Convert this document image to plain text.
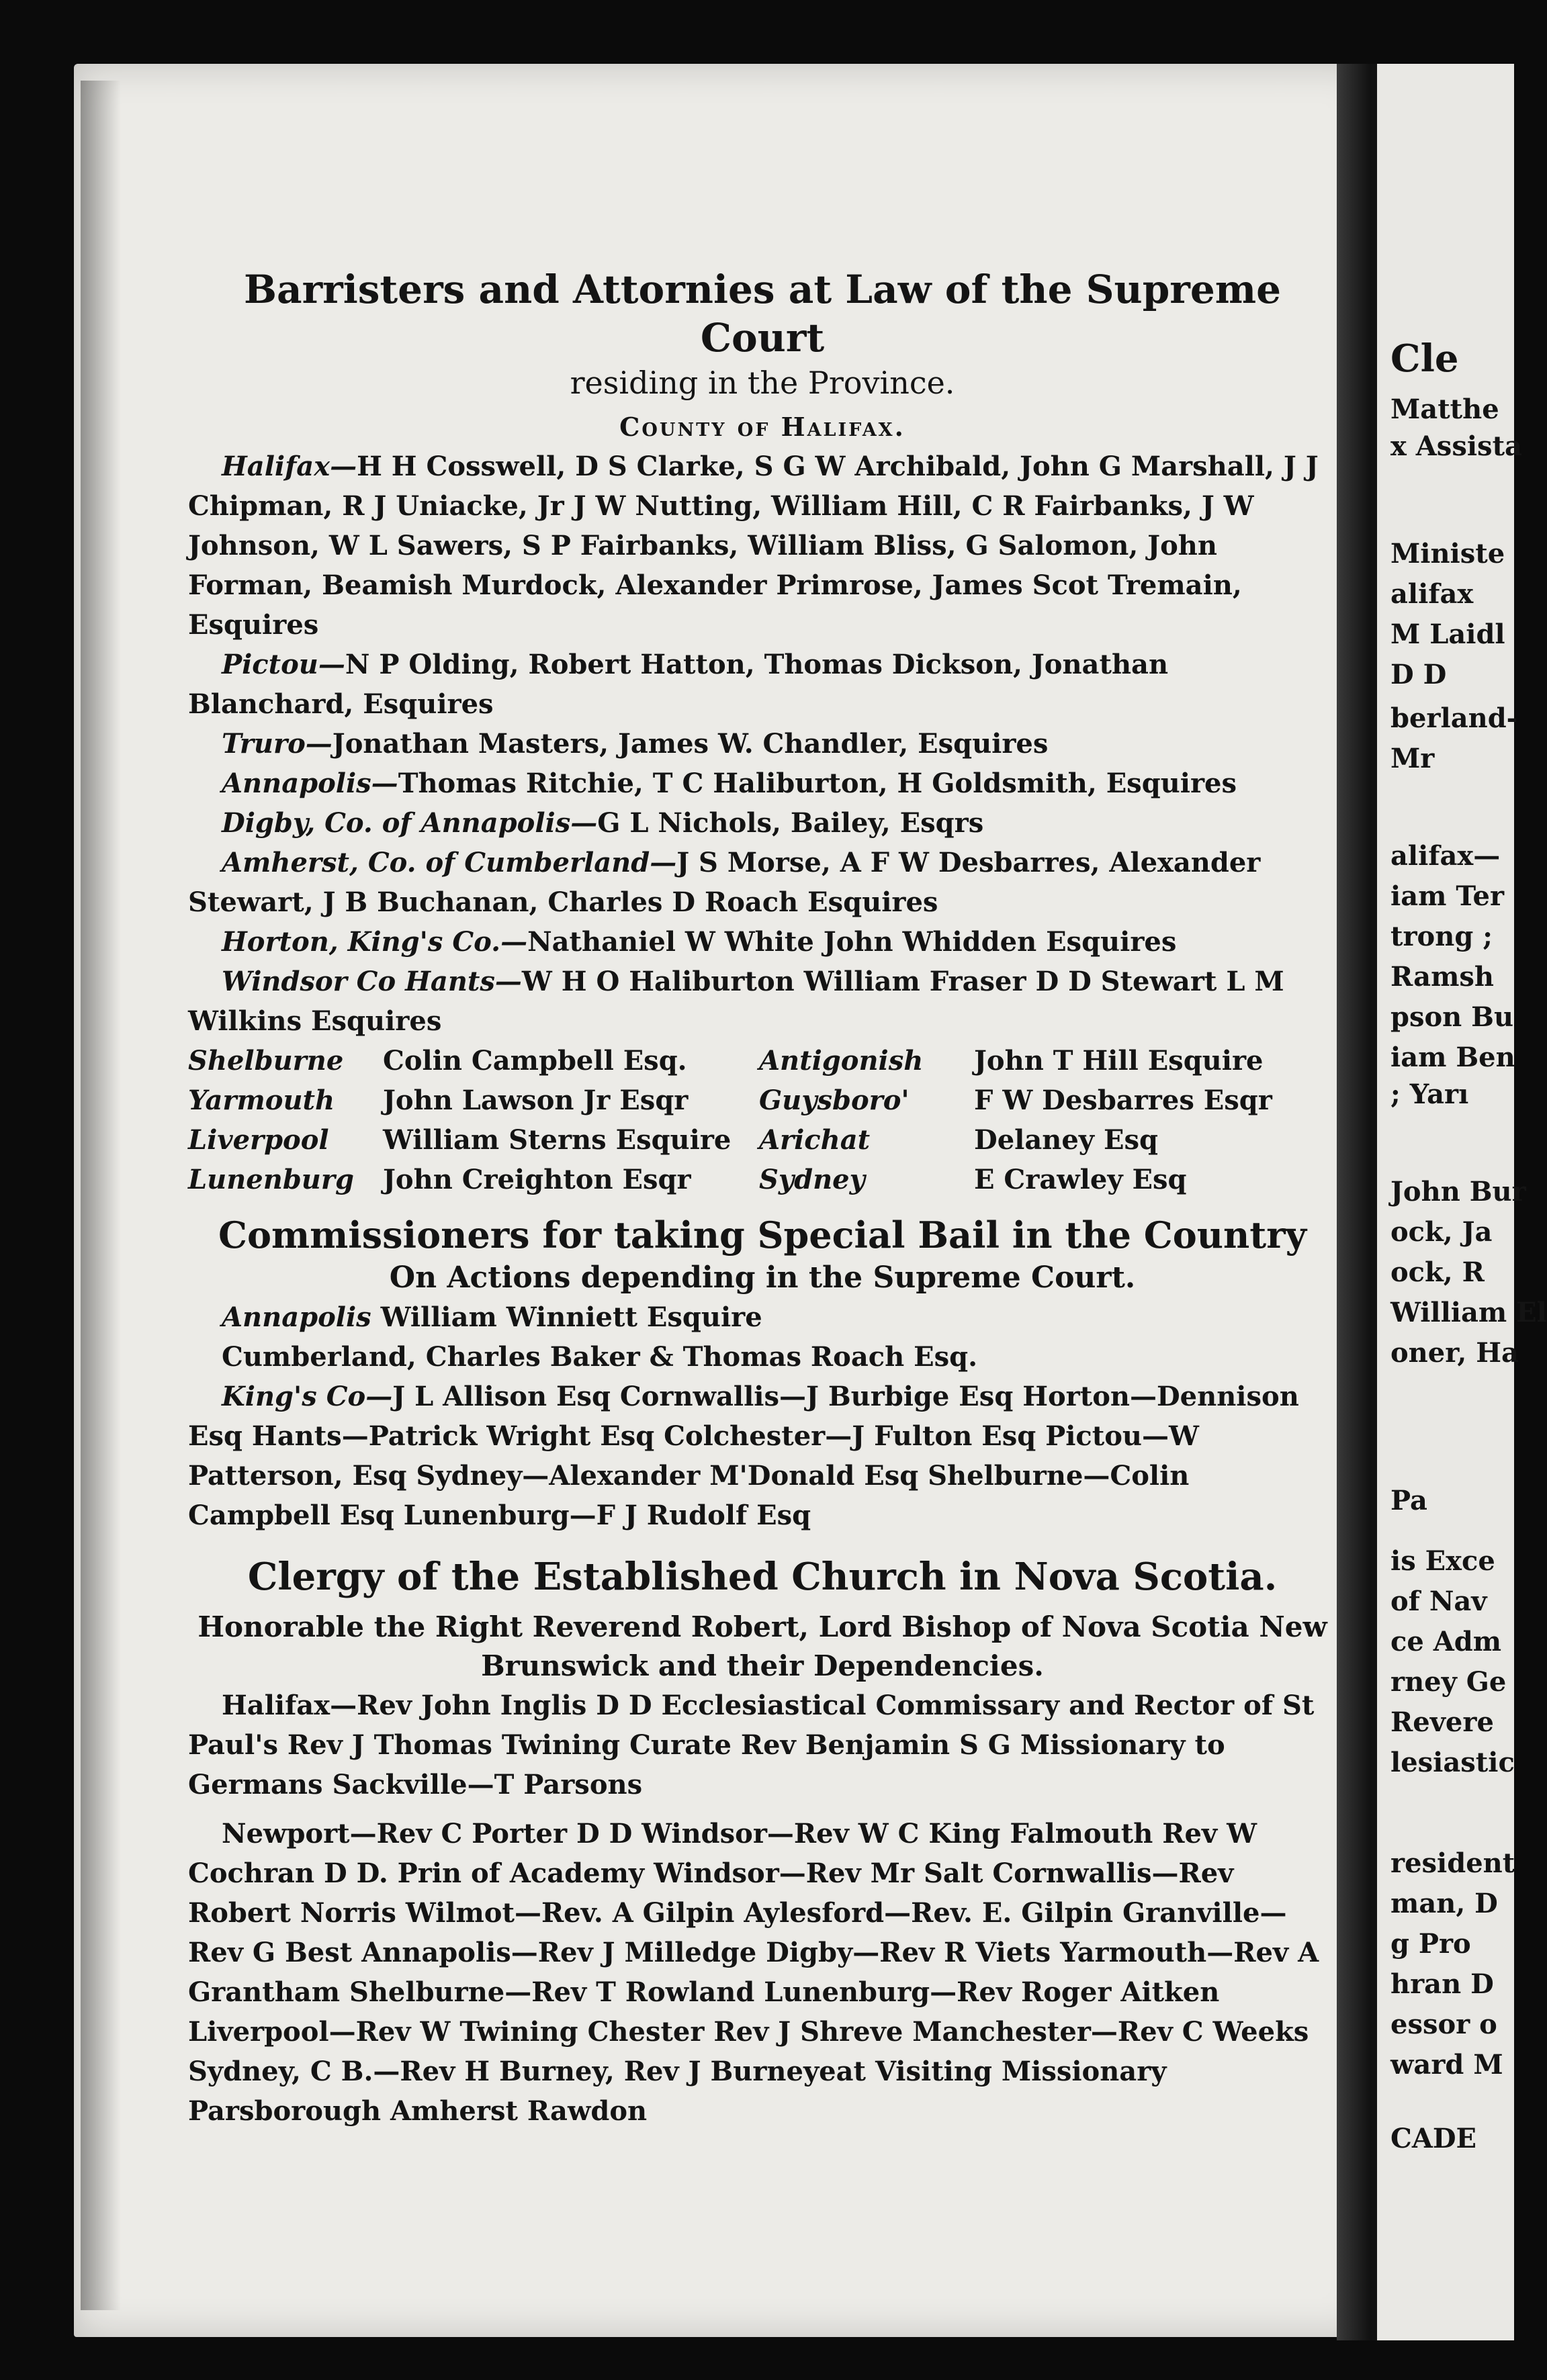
Barristers and Attornies at Law of the Supreme Court
residing in the Province.
County of Halifax.
Halifax—H H Cosswell, D S Clarke, S G W Archibald, John G Marshall, J J Chipman, R J Uniacke, Jr J W Nutting, William Hill, C R Fairbanks, J W Johnson, W L Sawers, S P Fairbanks, William Bliss, G Salomon, John Forman, Beamish Murdock, Alexander Primrose, James Scot Tremain, Esquires
Pictou—N P Olding, Robert Hatton, Thomas Dickson, Jonathan Blanchard, Esquires
Truro—Jonathan Masters, James W. Chandler, Esquires
Annapolis—Thomas Ritchie, T C Haliburton, H Goldsmith, Esquires
Digby, Co. of Annapolis—G L Nichols, Bailey, Esqrs
Amherst, Co. of Cumberland—J S Morse, A F W Desbarres, Alexander Stewart, J B Buchanan, Charles D Roach Esquires
Horton, King's Co.—Nathaniel W White John Whidden Esquires
Windsor Co Hants—W H O Haliburton William Fraser D D Stewart L M Wilkins Esquires
Shelburne	Colin Campbell Esq.	Antigonish	John T Hill Esquire
Yarmouth	John Lawson Jr Esqr	Guysboro'	F W Desbarres Esqr
Liverpool	William Sterns Esquire	Arichat	Delaney Esq
Lunenburg	John Creighton Esqr	Sydney	E Crawley Esq
Commissioners for taking Special Bail in the Country
On Actions depending in the Supreme Court.
Annapolis William Winniett Esquire
Cumberland, Charles Baker & Thomas Roach Esq.
King's Co—J L Allison Esq Cornwallis—J Burbige Esq Horton—Dennison Esq Hants—Patrick Wright Esq Colchester—J Fulton Esq Pictou—W Patterson, Esq Sydney—Alexander M'Donald Esq Shelburne—Colin Campbell Esq Lunenburg—F J Rudolf Esq
Clergy of the Established Church in Nova Scotia.
Honorable the Right Reverend Robert, Lord Bishop of Nova Scotia New Brunswick and their Dependencies.
Halifax—Rev John Inglis D D Ecclesiastical Commissary and Rector of St Paul's Rev J Thomas Twining Curate Rev Benjamin S G Missionary to Germans Sackville—T Parsons
Newport—Rev C Porter D D Windsor—Rev W C King Falmouth Rev W Cochran D D. Prin of Academy Windsor—Rev Mr Salt Cornwallis—Rev Robert Norris Wilmot—Rev. A Gilpin Aylesford—Rev. E. Gilpin Granville—Rev G Best Annapolis—Rev J Milledge Digby—Rev R Viets Yarmouth—Rev A Grantham Shelburne—Rev T Rowland Lunenburg—Rev Roger Aitken Liverpool—Rev W Twining Chester Rev J Shreve Manchester—Rev C Weeks Sydney, C B.—Rev H Burney, Rev J Burneyeat Visiting Missionary Parsborough Amherst Rawdon
Cle
Matthe
x Assista
Ministe
alifax
M Laidl
D D
berland-
Mr
alifax—
iam Ter
trong ;
Ramsh
pson Bu
iam Ben
; Yarı
John Bur
ock, Ja
ock, R
William El
oner, Ha
Pa
is Exce
of Nav
ce Adm
rney Ge
Revere
lesiastic
resident
man, D
g Pro
hran D
essor o
ward M
CADE
